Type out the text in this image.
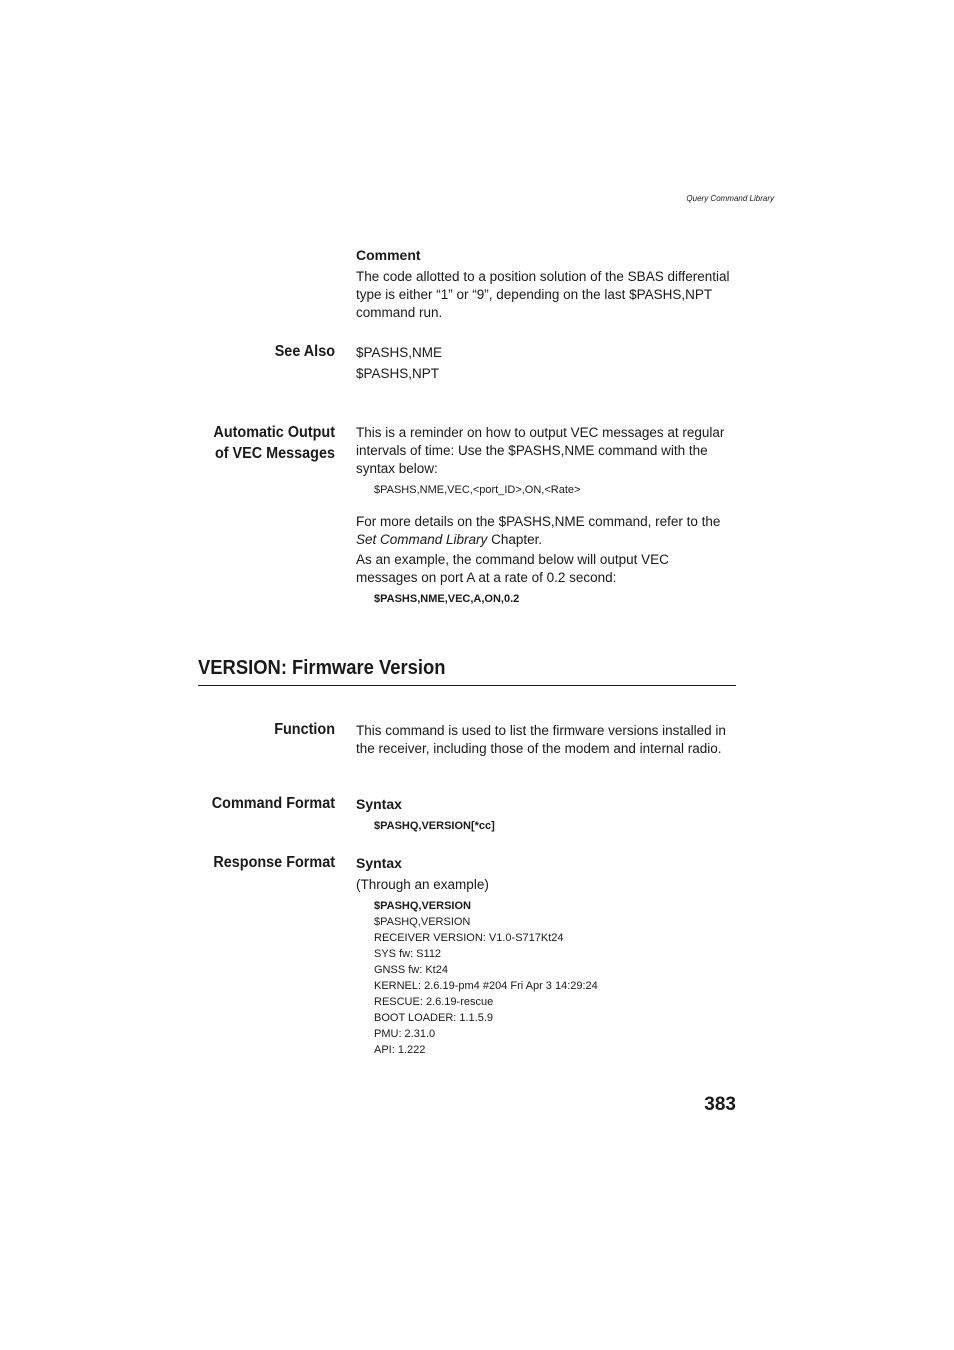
Query Command Library
Comment

The code allotted to a position solution of the SBAS differential type is either “1” or “9”, depending on the last $PASHS,NPT command run.

See Also $PASHS,NME

$PASHS,NPT

Automatic Output
of VEC Messages
This is a reminder on how to output VEC messages at regular intervals of time: Use the $PASHS,NME command with the syntax below:
$PASHS,NME,VEC,<port_ID>,ON,<Rate>
For more details on the $PASHS,NME command, refer to the Set Command Library Chapter.
As an example, the command below will output VEC messages on port A at a rate of 0.2 second:
$PASHS,NME,VEC,A,ON,0.2
VERSION: Firmware Version
Function This command is used to list the firmware versions installed in the receiver, including those of the modem and internal radio.
Command Format Syntax
$PASHQ,VERSION[*cc]
Response Format Syntax
(Through an example)
$PASHQ,VERSION
$PASHQ,VERSION
RECEIVER VERSION: V1.0-S717Kt24
SYS fw: S112
GNSS fw: Kt24
KERNEL: 2.6.19-pm4 #204 Fri Apr 3 14:29:24
RESCUE: 2.6.19-rescue
BOOT LOADER: 1.1.5.9
PMU: 2.31.0
API: 1.222
383
